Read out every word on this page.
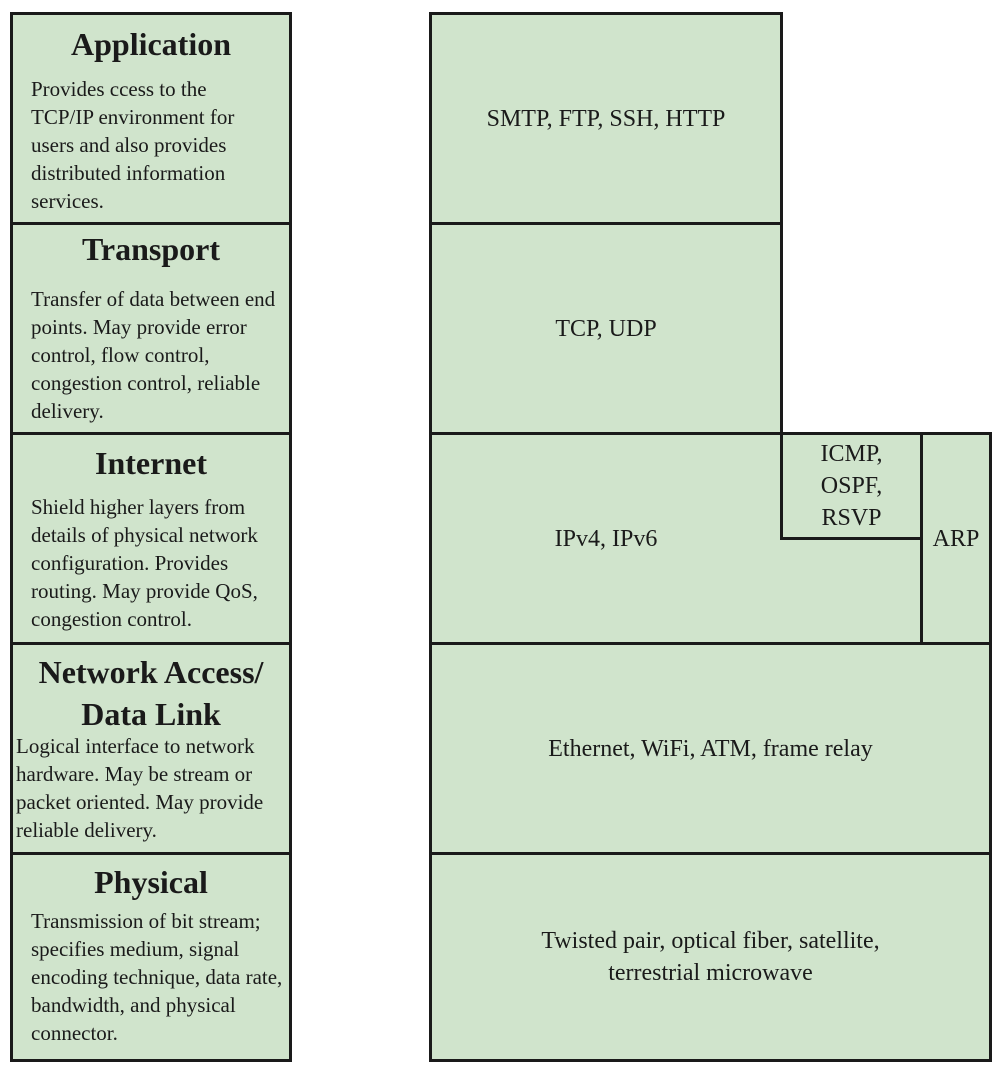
Application

Provides ccess to the TCP/IP environment for users and also provides distributed information services.

Transport

Transfer of data between end points. May provide error control, flow control, congestion control, reliable delivery.

Internet

Shield higher layers from details of physical network configuration. Provides routing. May provide QoS, congestion control.

Network Access/
Data Link

Logical interface to network hardware. May be stream or packet oriented. May provide reliable delivery.

Physical

Transmission of bit stream; specifies medium, signal encoding technique, data rate, bandwidth, and physical connector.

SMTP, FTP, SSH, HTTP
TCP, UDP
IPv4, IPv6
ICMP,
OSPF,
RSVP
ARP
Ethernet, WiFi, ATM, frame relay
Twisted pair, optical fiber, satellite,
terrestrial microwave
